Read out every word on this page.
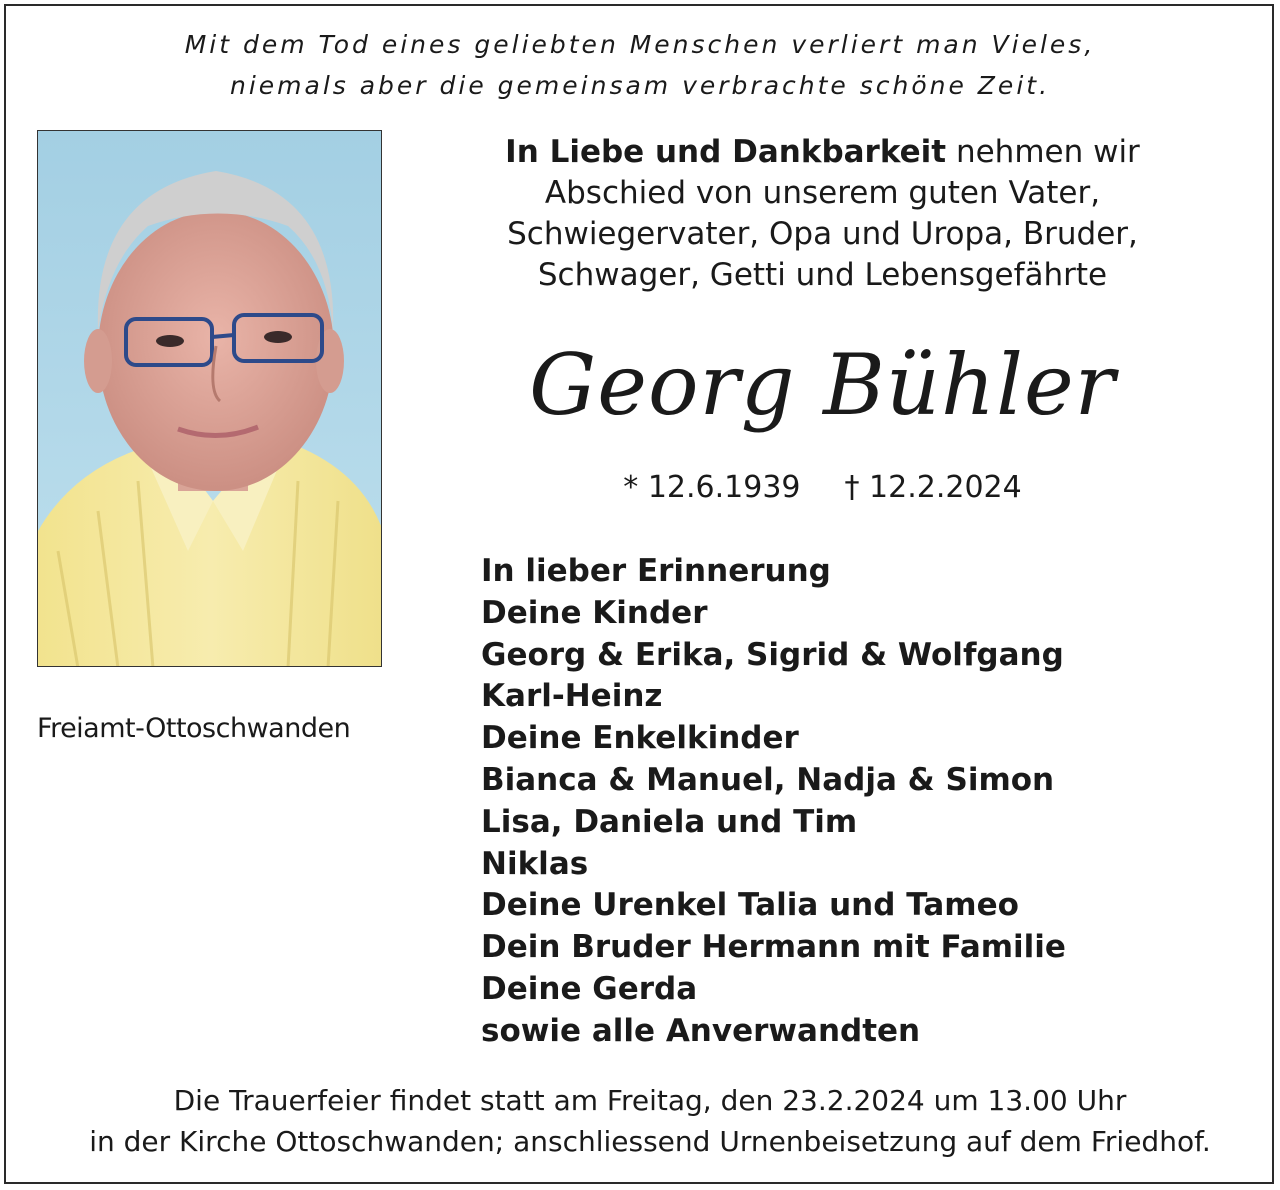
Mit dem Tod eines geliebten Menschen verliert man Vieles,
niemals aber die gemeinsam verbrachte schöne Zeit.
Freiamt-Ottoschwanden
In Liebe und Dankbarkeit nehmen wir
Abschied von unserem guten Vater,
Schwiegervater, Opa und Uropa, Bruder,
Schwager, Getti und Lebensgefährte
Georg Bühler
* 12.6.1939 † 12.2.2024
In lieber Erinnerung
Deine Kinder
Georg & Erika, Sigrid & Wolfgang
Karl-Heinz
Deine Enkelkinder
Bianca & Manuel, Nadja & Simon
Lisa, Daniela und Tim
Niklas
Deine Urenkel Talia und Tameo
Dein Bruder Hermann mit Familie
Deine Gerda
sowie alle Anverwandten
Die Trauerfeier findet statt am Freitag, den 23.2.2024 um 13.00 Uhr
in der Kirche Ottoschwanden; anschliessend Urnenbeisetzung auf dem Friedhof.
